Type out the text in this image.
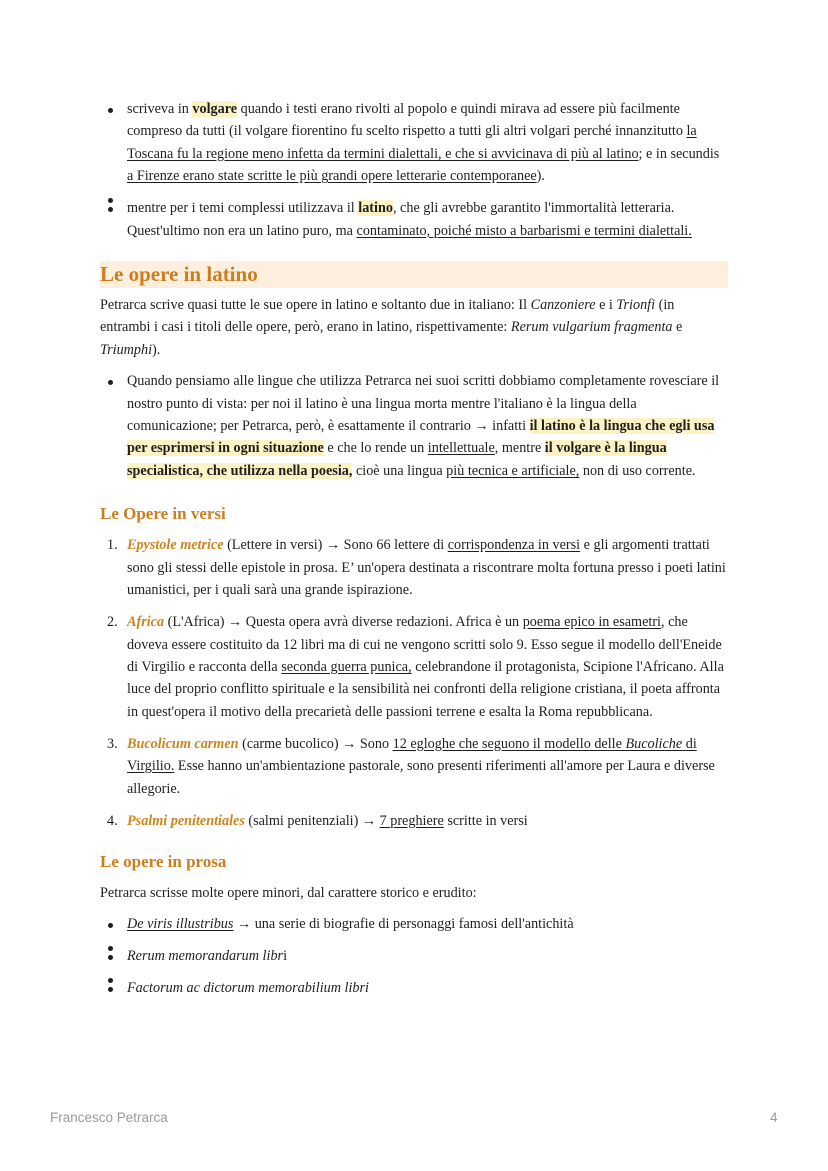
scriveva in volgare quando i testi erano rivolti al popolo e quindi mirava ad essere più facilmente compreso da tutti (il volgare fiorentino fu scelto rispetto a tutti gli altri volgari perché innanzitutto la Toscana fu la regione meno infetta da termini dialettali, e che si avvicinava di più al latino; e in secundis a Firenze erano state scritte le più grandi opere letterarie contemporanee).
mentre per i temi complessi utilizzava il latino, che gli avrebbe garantito l'immortalità letteraria. Quest'ultimo non era un latino puro, ma contaminato, poiché misto a barbarismi e termini dialettali.
Le opere in latino

Petrarca scrive quasi tutte le sue opere in latino e soltanto due in italiano: Il Canzoniere e i Trionfi (in entrambi i casi i titoli delle opere, però, erano in latino, rispettivamente: Rerum vulgarium fragmenta e Triumphi).

Quando pensiamo alle lingue che utilizza Petrarca nei suoi scritti dobbiamo completamente rovesciare il nostro punto di vista: per noi il latino è una lingua morta mentre l'italiano è la lingua della comunicazione; per Petrarca, però, è esattamente il contrario → infatti il latino è la lingua che egli usa per esprimersi in ogni situazione e che lo rende un intellettuale, mentre il volgare è la lingua specialistica, che utilizza nella poesia, cioè una lingua più tecnica e artificiale, non di uso corrente.
Le Opere in versi
1. Epystole metrice (Lettere in versi) → Sono 66 lettere di corrispondenza in versi e gli argomenti trattati sono gli stessi delle epistole in prosa. E’ un'opera destinata a riscontrare molta fortuna presso i poeti latini umanistici, per i quali sarà una grande ispirazione.
2. Africa (L'Africa) → Questa opera avrà diverse redazioni. Africa è un poema epico in esametri, che doveva essere costituito da 12 libri ma di cui ne vengono scritti solo 9. Esso segue il modello dell'Eneide di Virgilio e racconta della seconda guerra punica, celebrandone il protagonista, Scipione l'Africano. Alla luce del proprio conflitto spirituale e la sensibilità nei confronti della religione cristiana, il poeta affronta in quest'opera il motivo della precarietà delle passioni terrene e esalta la Roma repubblicana.
3. Bucolicum carmen (carme bucolico) → Sono 12 egloghe che seguono il modello delle Bucoliche di Virgilio. Esse hanno un'ambientazione pastorale, sono presenti riferimenti all'amore per Laura e diverse allegorie.
4. Psalmi penitentiales (salmi penitenziali) → 7 preghiere scritte in versi
Le opere in prosa

Petrarca scrisse molte opere minori, dal carattere storico e erudito:

De viris illustribus → una serie di biografie di personaggi famosi dell'antichità
Rerum memorandarum libri
Factorum ac dictorum memorabilium libri
Francesco Petrarca	4
